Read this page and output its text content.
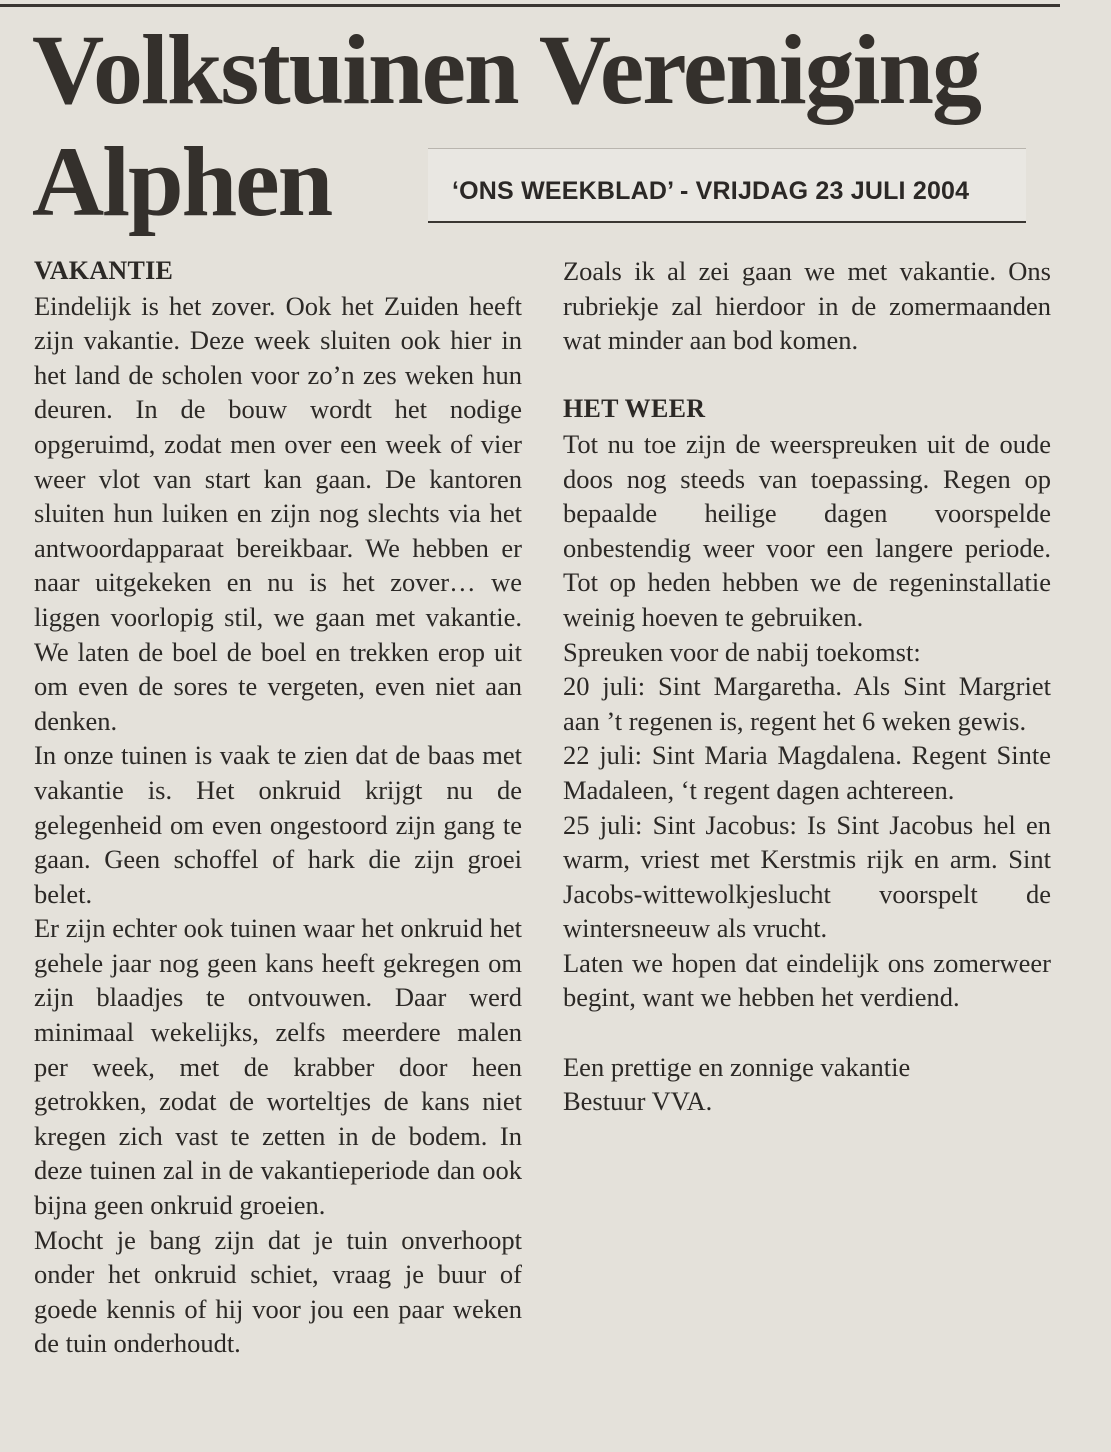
Volkstuinen Vereniging
Alphen	‘ONS WEEKBLAD’ - VRIJDAG 23 JULI 2004
VAKANTIE

Eindelijk is het zover. Ook het Zuiden heeft zijn vakantie. Deze week sluiten ook hier in het land de scholen voor zo’n zes weken hun deuren. In de bouw wordt het nodige opgeruimd, zodat men over een week of vier weer vlot van start kan gaan. De kantoren sluiten hun luiken en zijn nog slechts via het antwoordapparaat bereikbaar. We hebben er naar uitgekeken en nu is het zover… we liggen voorlopig stil, we gaan met vakantie. We laten de boel de boel en trekken erop uit om even de sores te vergeten, even niet aan denken.

In onze tuinen is vaak te zien dat de baas met vakantie is. Het onkruid krijgt nu de gelegenheid om even ongestoord zijn gang te gaan. Geen schoffel of hark die zijn groei belet.

Er zijn echter ook tuinen waar het onkruid het gehele jaar nog geen kans heeft gekregen om zijn blaadjes te ontvouwen. Daar werd minimaal wekelijks, zelfs meerdere malen per week, met de krabber door heen getrokken, zodat de worteltjes de kans niet kregen zich vast te zetten in de bodem. In deze tuinen zal in de vakantieperiode dan ook bijna geen onkruid groeien.

Mocht je bang zijn dat je tuin onverhoopt onder het onkruid schiet, vraag je buur of goede kennis of hij voor jou een paar weken de tuin onderhoudt.

Zoals ik al zei gaan we met vakantie. Ons rubriekje zal hierdoor in de zomermaanden wat minder aan bod komen.

HET WEER

Tot nu toe zijn de weerspreuken uit de oude doos nog steeds van toepassing. Regen op bepaalde heilige dagen voorspelde onbestendig weer voor een langere periode. Tot op heden hebben we de regeninstallatie weinig hoeven te gebruiken.

Spreuken voor de nabij toekomst:

20 juli: Sint Margaretha. Als Sint Margriet aan ’t regenen is, regent het 6 weken gewis.

22 juli: Sint Maria Magdalena. Regent Sinte Madaleen, ‘t regent dagen achtereen.

25 juli: Sint Jacobus: Is Sint Jacobus hel en warm, vriest met Kerstmis rijk en arm. Sint Jacobs-wittewolkjeslucht voorspelt de wintersneeuw als vrucht.

Laten we hopen dat eindelijk ons zomerweer begint, want we hebben het verdiend.

Een prettige en zonnige vakantie

Bestuur VVA.
